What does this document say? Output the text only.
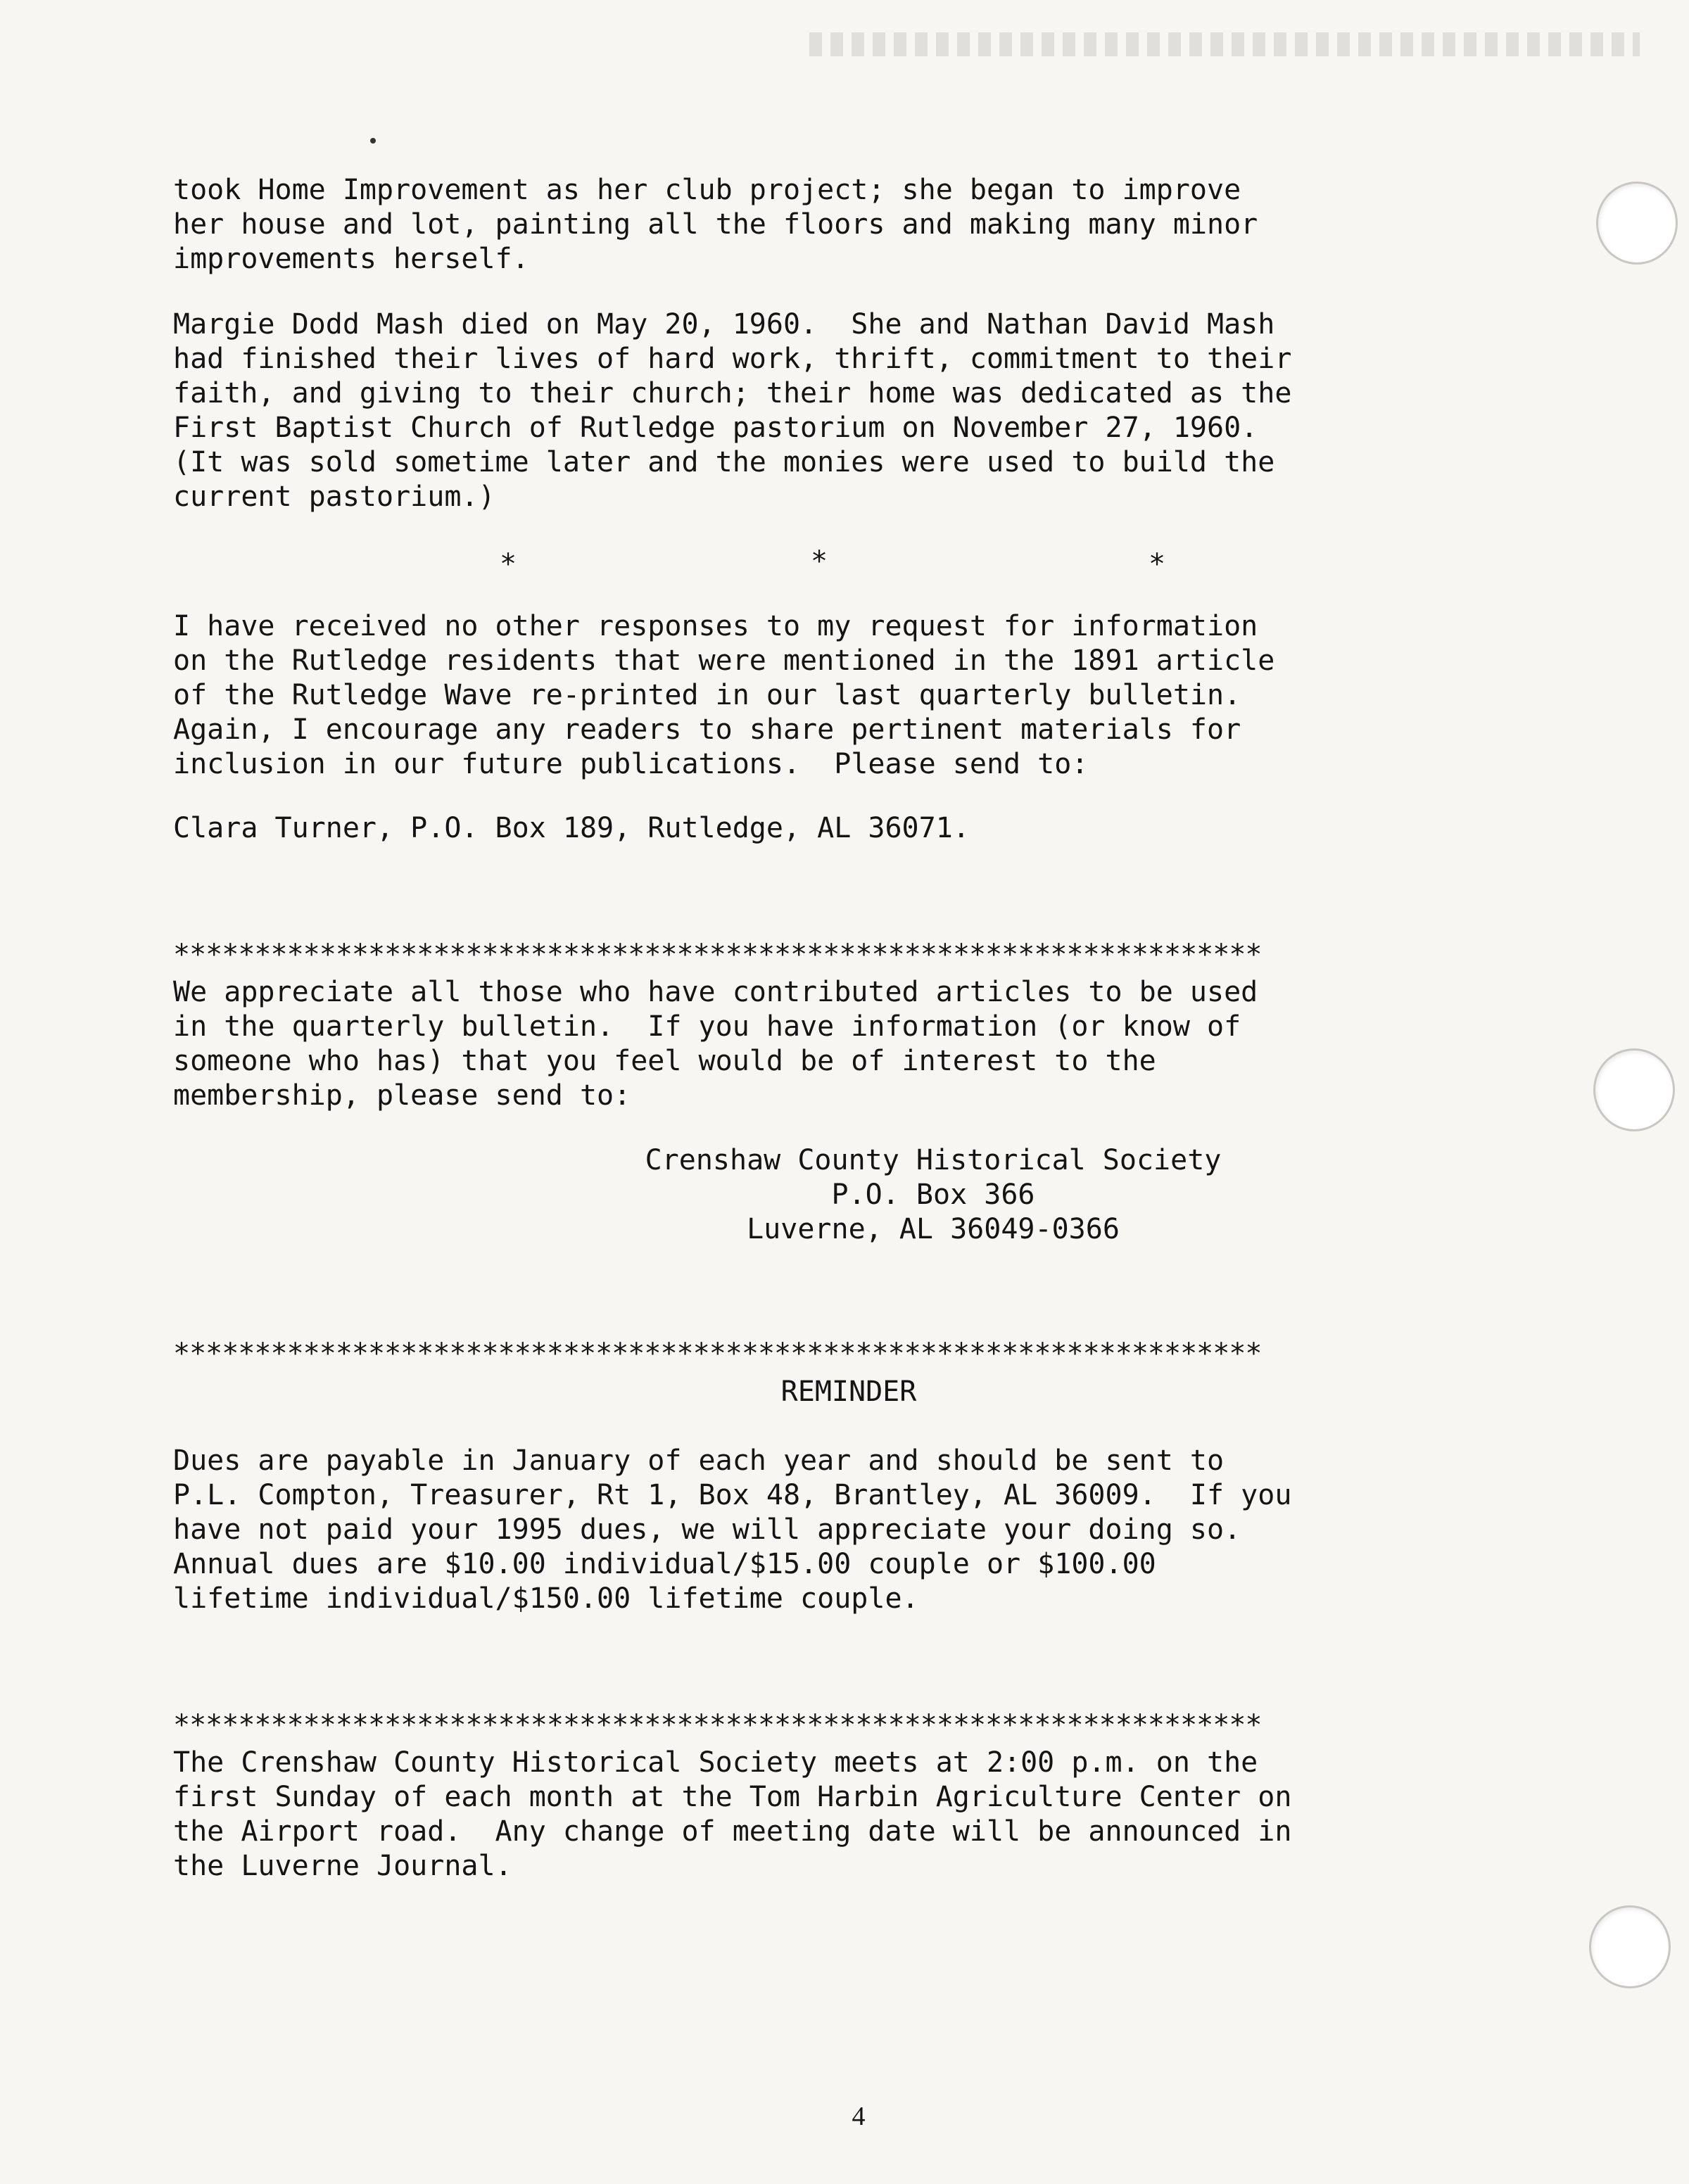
took Home Improvement as her club project; she began to improve
her house and lot, painting all the floors and making many minor
improvements herself.

Margie Dodd Mash died on May 20, 1960.  She and Nathan David Mash
had finished their lives of hard work, thrift, commitment to their
faith, and giving to their church; their home was dedicated as the
First Baptist Church of Rutledge pastorium on November 27, 1960.
(It was sold sometime later and the monies were used to build the
current pastorium.)

*	*	*

I have received no other responses to my request for information
on the Rutledge residents that were mentioned in the 1891 article
of the Rutledge Wave re-printed in our last quarterly bulletin.
Again, I encourage any readers to share pertinent materials for
inclusion in our future publications.  Please send to:

Clara Turner, P.O. Box 189, Rutledge, AL 36071.

*******************************************************************

We appreciate all those who have contributed articles to be used
in the quarterly bulletin.  If you have information (or know of
someone who has) that you feel would be of interest to the
membership, please send to:

Crenshaw County Historical Society

P.O. Box 366

Luverne, AL 36049-0366

*******************************************************************

REMINDER

Dues are payable in January of each year and should be sent to
P.L. Compton, Treasurer, Rt 1, Box 48, Brantley, AL 36009.  If you
have not paid your 1995 dues, we will appreciate your doing so.
Annual dues are $10.00 individual/$15.00 couple or $100.00
lifetime individual/$150.00 lifetime couple.

*******************************************************************

The Crenshaw County Historical Society meets at 2:00 p.m. on the
first Sunday of each month at the Tom Harbin Agriculture Center on
the Airport road.  Any change of meeting date will be announced in
the Luverne Journal.

4
